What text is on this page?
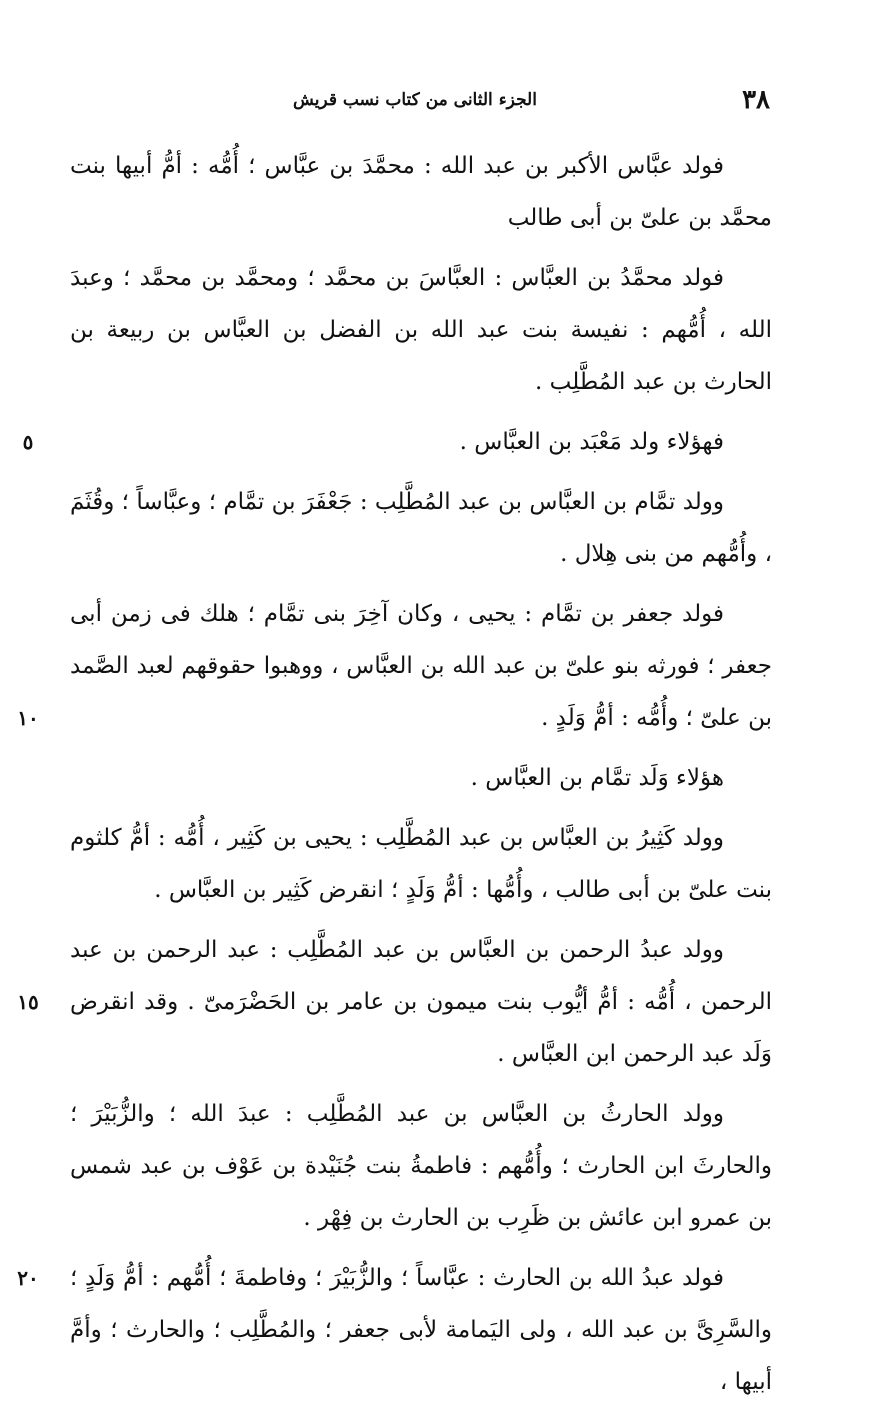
٣٨
الجزء الثانى من كتاب نسب قريش

فولد عبَّاس الأكبر بن عبد الله : محمَّدَ بن عبَّاس ؛ أُمُّه : أمُّ أبيها بنت محمَّد بن علىّ بن أبى طالب

فولد محمَّدُ بن العبَّاس : العبَّاسَ بن محمَّد ؛ ومحمَّد بن محمَّد ؛ وعبدَ الله ، أُمُّهم : نفيسة بنت عبد الله بن الفضل بن العبَّاس بن ربيعة بن الحارث بن عبد المُطَّلِب .

٥	فهؤلاء ولد مَعْبَد بن العبَّاس .

وولد تمَّام بن العبَّاس بن عبد المُطَّلِب : جَعْفَرَ بن تمَّام ؛ وعبَّاساً ؛ وقُثَمَ ، وأُمُّهم من بنى هِلال .

١٠

فولد جعفر بن تمَّام : يحيى ، وكان آخِرَ بنى تمَّام ؛ هلك فى زمن أبى جعفر ؛ فورثه بنو علىّ بن عبد الله بن العبَّاس ، ووهبوا حقوقهم لعبد الصَّمد بن علىّ ؛ وأُمُّه : أمُّ وَلَدٍ .

هؤلاء وَلَد تمَّام بن العبَّاس .

وولد كَثِيرُ بن العبَّاس بن عبد المُطَّلِب : يحيى بن كَثِير ، أُمُّه : أمُّ كلثوم بنت علىّ بن أبى طالب ، وأُمُّها : أمُّ وَلَدٍ ؛ انقرض كَثِير بن العبَّاس .

١٥

وولد عبدُ الرحمن بن العبَّاس بن عبد المُطَّلِب : عبد الرحمن بن عبد الرحمن ، أُمُّه : أمُّ أيُّوب بنت ميمون بن عامر بن الحَضْرَمىّ . وقد انقرض وَلَد عبد الرحمن ابن العبَّاس .

وولد الحارثُ بن العبَّاس بن عبد المُطَّلِب : عبدَ الله ؛ والزُّبَيْرَ ؛ والحارثَ ابن الحارث ؛ وأُمُّهم : فاطمةُ بنت جُنَيْدة بن عَوْف بن عبد شمس بن عمرو ابن عائش بن ظَرِب بن الحارث بن فِهْر .

٢٠	فولد عبدُ الله بن الحارث : عبَّاساً ؛ والزُّبَيْرَ ؛ وفاطمةَ ؛ أُمُّهم : أمُّ وَلَدٍ ؛ والسَّرِىَّ بن عبد الله ، ولى اليَمامة لأبى جعفر ؛ والمُطَّلِب ؛ والحارث ؛ وأمَّ أبيها ،
